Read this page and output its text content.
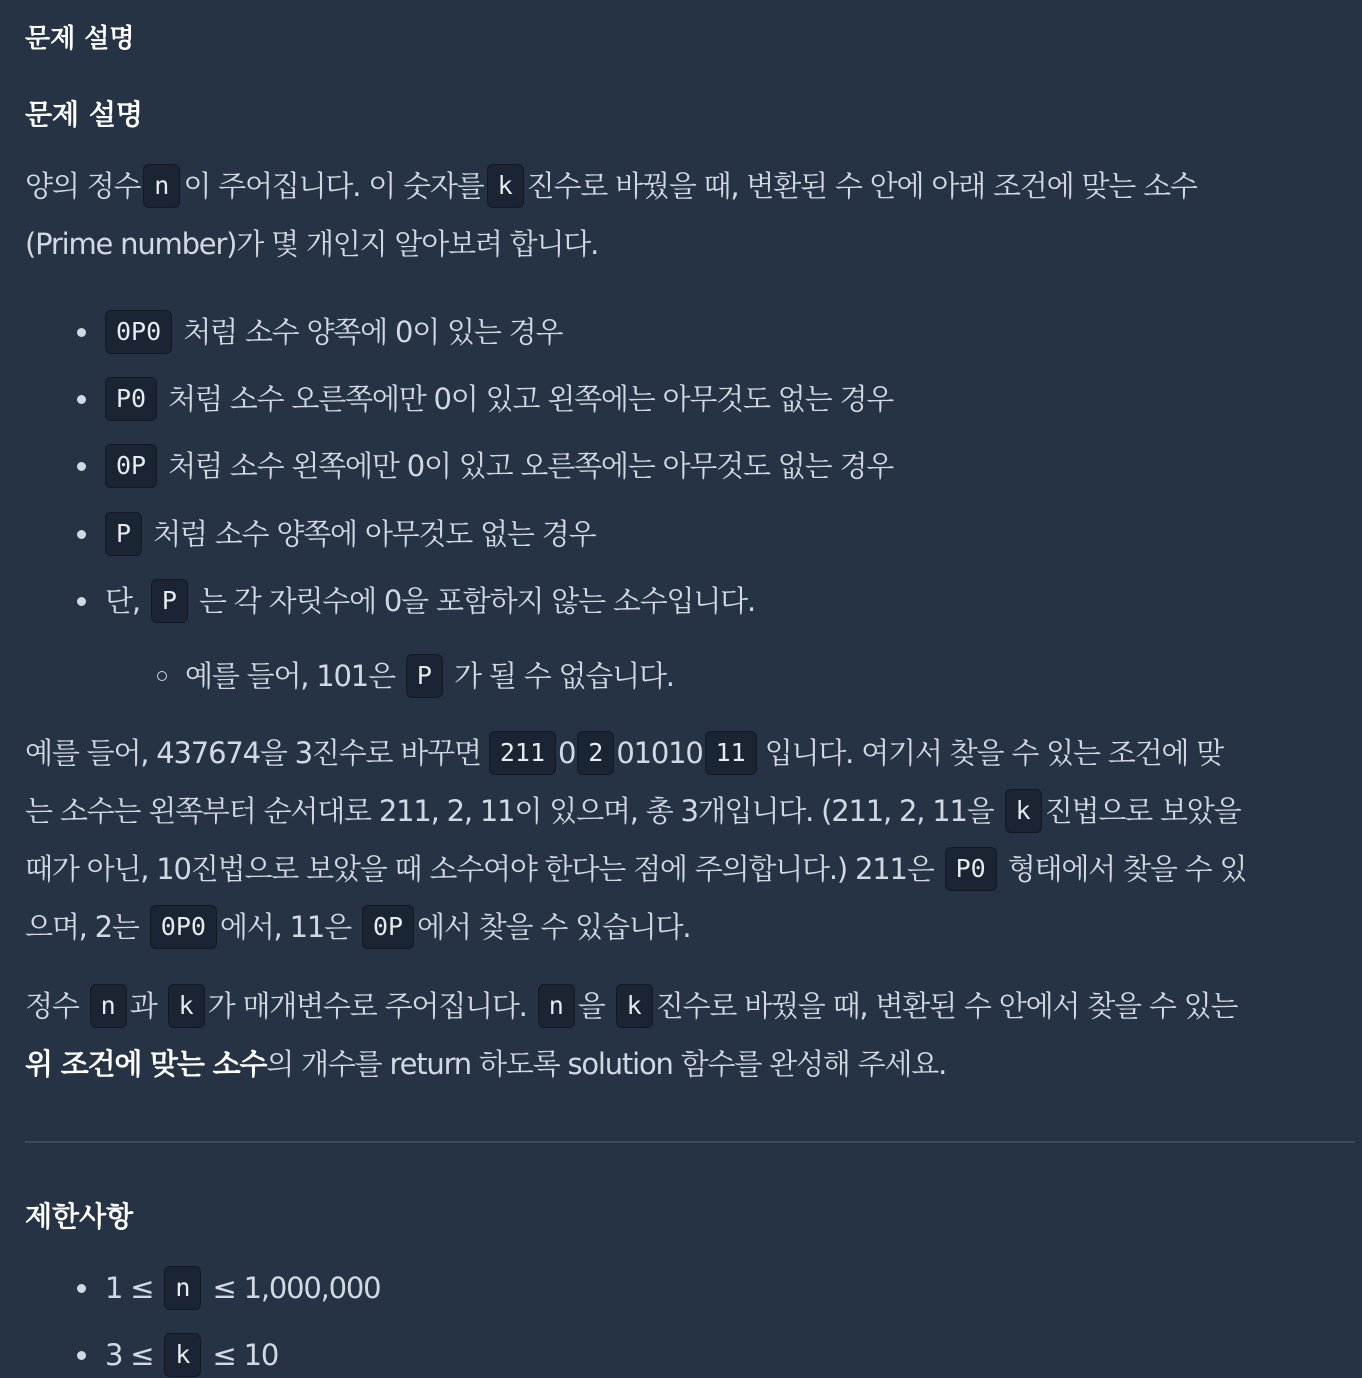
문제 설명
문제 설명
양의 정수 n 이 주어집니다. 이 숫자를 k 진수로 바꿨을 때, 변환된 수 안에 아래 조건에 맞는 소수
(Prime number)가 몇 개인지 알아보려 합니다.
0P0 처럼 소수 양쪽에 0이 있는 경우
P0 처럼 소수 오른쪽에만 0이 있고 왼쪽에는 아무것도 없는 경우
0P 처럼 소수 왼쪽에만 0이 있고 오른쪽에는 아무것도 없는 경우
P 처럼 소수 양쪽에 아무것도 없는 경우
단, P 는 각 자릿수에 0을 포함하지 않는 소수입니다.
예를 들어, 101은 P 가 될 수 없습니다.
예를 들어, 437674을 3진수로 바꾸면 211 0 2 01010 11 입니다. 여기서 찾을 수 있는 조건에 맞
는 소수는 왼쪽부터 순서대로 211, 2, 11이 있으며, 총 3개입니다. (211, 2, 11을 k 진법으로 보았을
때가 아닌, 10진법으로 보았을 때 소수여야 한다는 점에 주의합니다.) 211은 P0 형태에서 찾을 수 있
으며, 2는 0P0 에서, 11은 0P 에서 찾을 수 있습니다.
정수 n 과 k 가 매개변수로 주어집니다. n 을 k 진수로 바꿨을 때, 변환된 수 안에서 찾을 수 있는
위 조건에 맞는 소수의 개수를 return 하도록 solution 함수를 완성해 주세요.
제한사항
1 ≤ n ≤ 1,000,000
3 ≤ k ≤ 10
